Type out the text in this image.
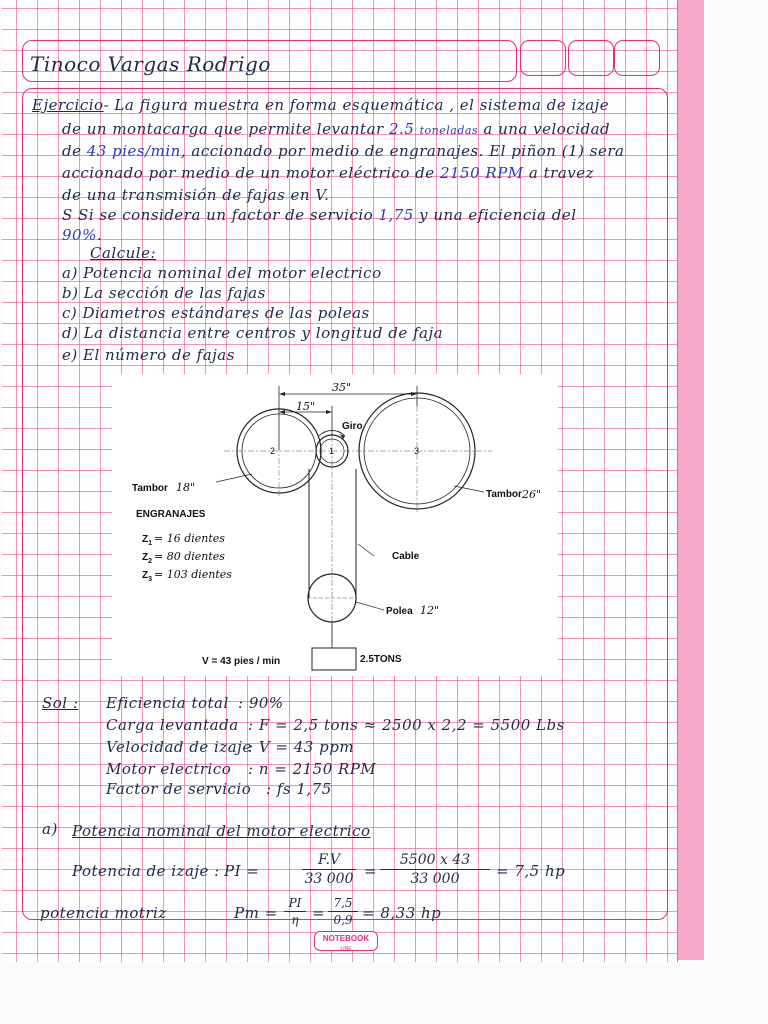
Tinoco Vargas Rodrigo
Ejercicio- La figura muestra en forma esquemática , el sistema de izaje
de un montacarga que permite levantar 2.5 toneladas a una velocidad
de 43 pies/min, accionado por medio de engranajes. El piñon (1) sera
accionado por medio de un motor eléctrico de 2150 RPM a travez
de una transmisión de fajas en V.
S Si se considera un factor de servicio 1,75 y una eficiencia del
90%.
Calcule:
a) Potencia nominal del motor electrico
b) La sección de las fajas
c) Diametros estándares de las poleas
d) La distancia entre centros y longitud de faja
e) El número de fajas
35"
15"
2	1	3
Giro
Tambor 18"
Tambor 26"
ENGRANAJES
$Z_1 = 16$ dientes
$Z_2 = 80$ dientes
$Z_3 = 103$ dientes
Cable
Polea 12"
V = 43 pies / min	2.5TONS
Sol : Eficiencia total : 90%
Carga levantada : F = 2,5 tons ≈ 2500 x 2,2 = 5500 Lbs
Velocidad de izaje
: V = 43 ppm
Motor electrico : n = 2150 RPM
Factor de servicio : fs 1,75
a) Potencia nominal del motor electrico
Potencia de izaje : PI =
F.V
33 000 =
5500 x 43
33 000	= 7,5 hp
potencia motriz	Pm =
PI
η =
7,5
0,9 = 8,33 hp
NOTEBOOK
LINE
